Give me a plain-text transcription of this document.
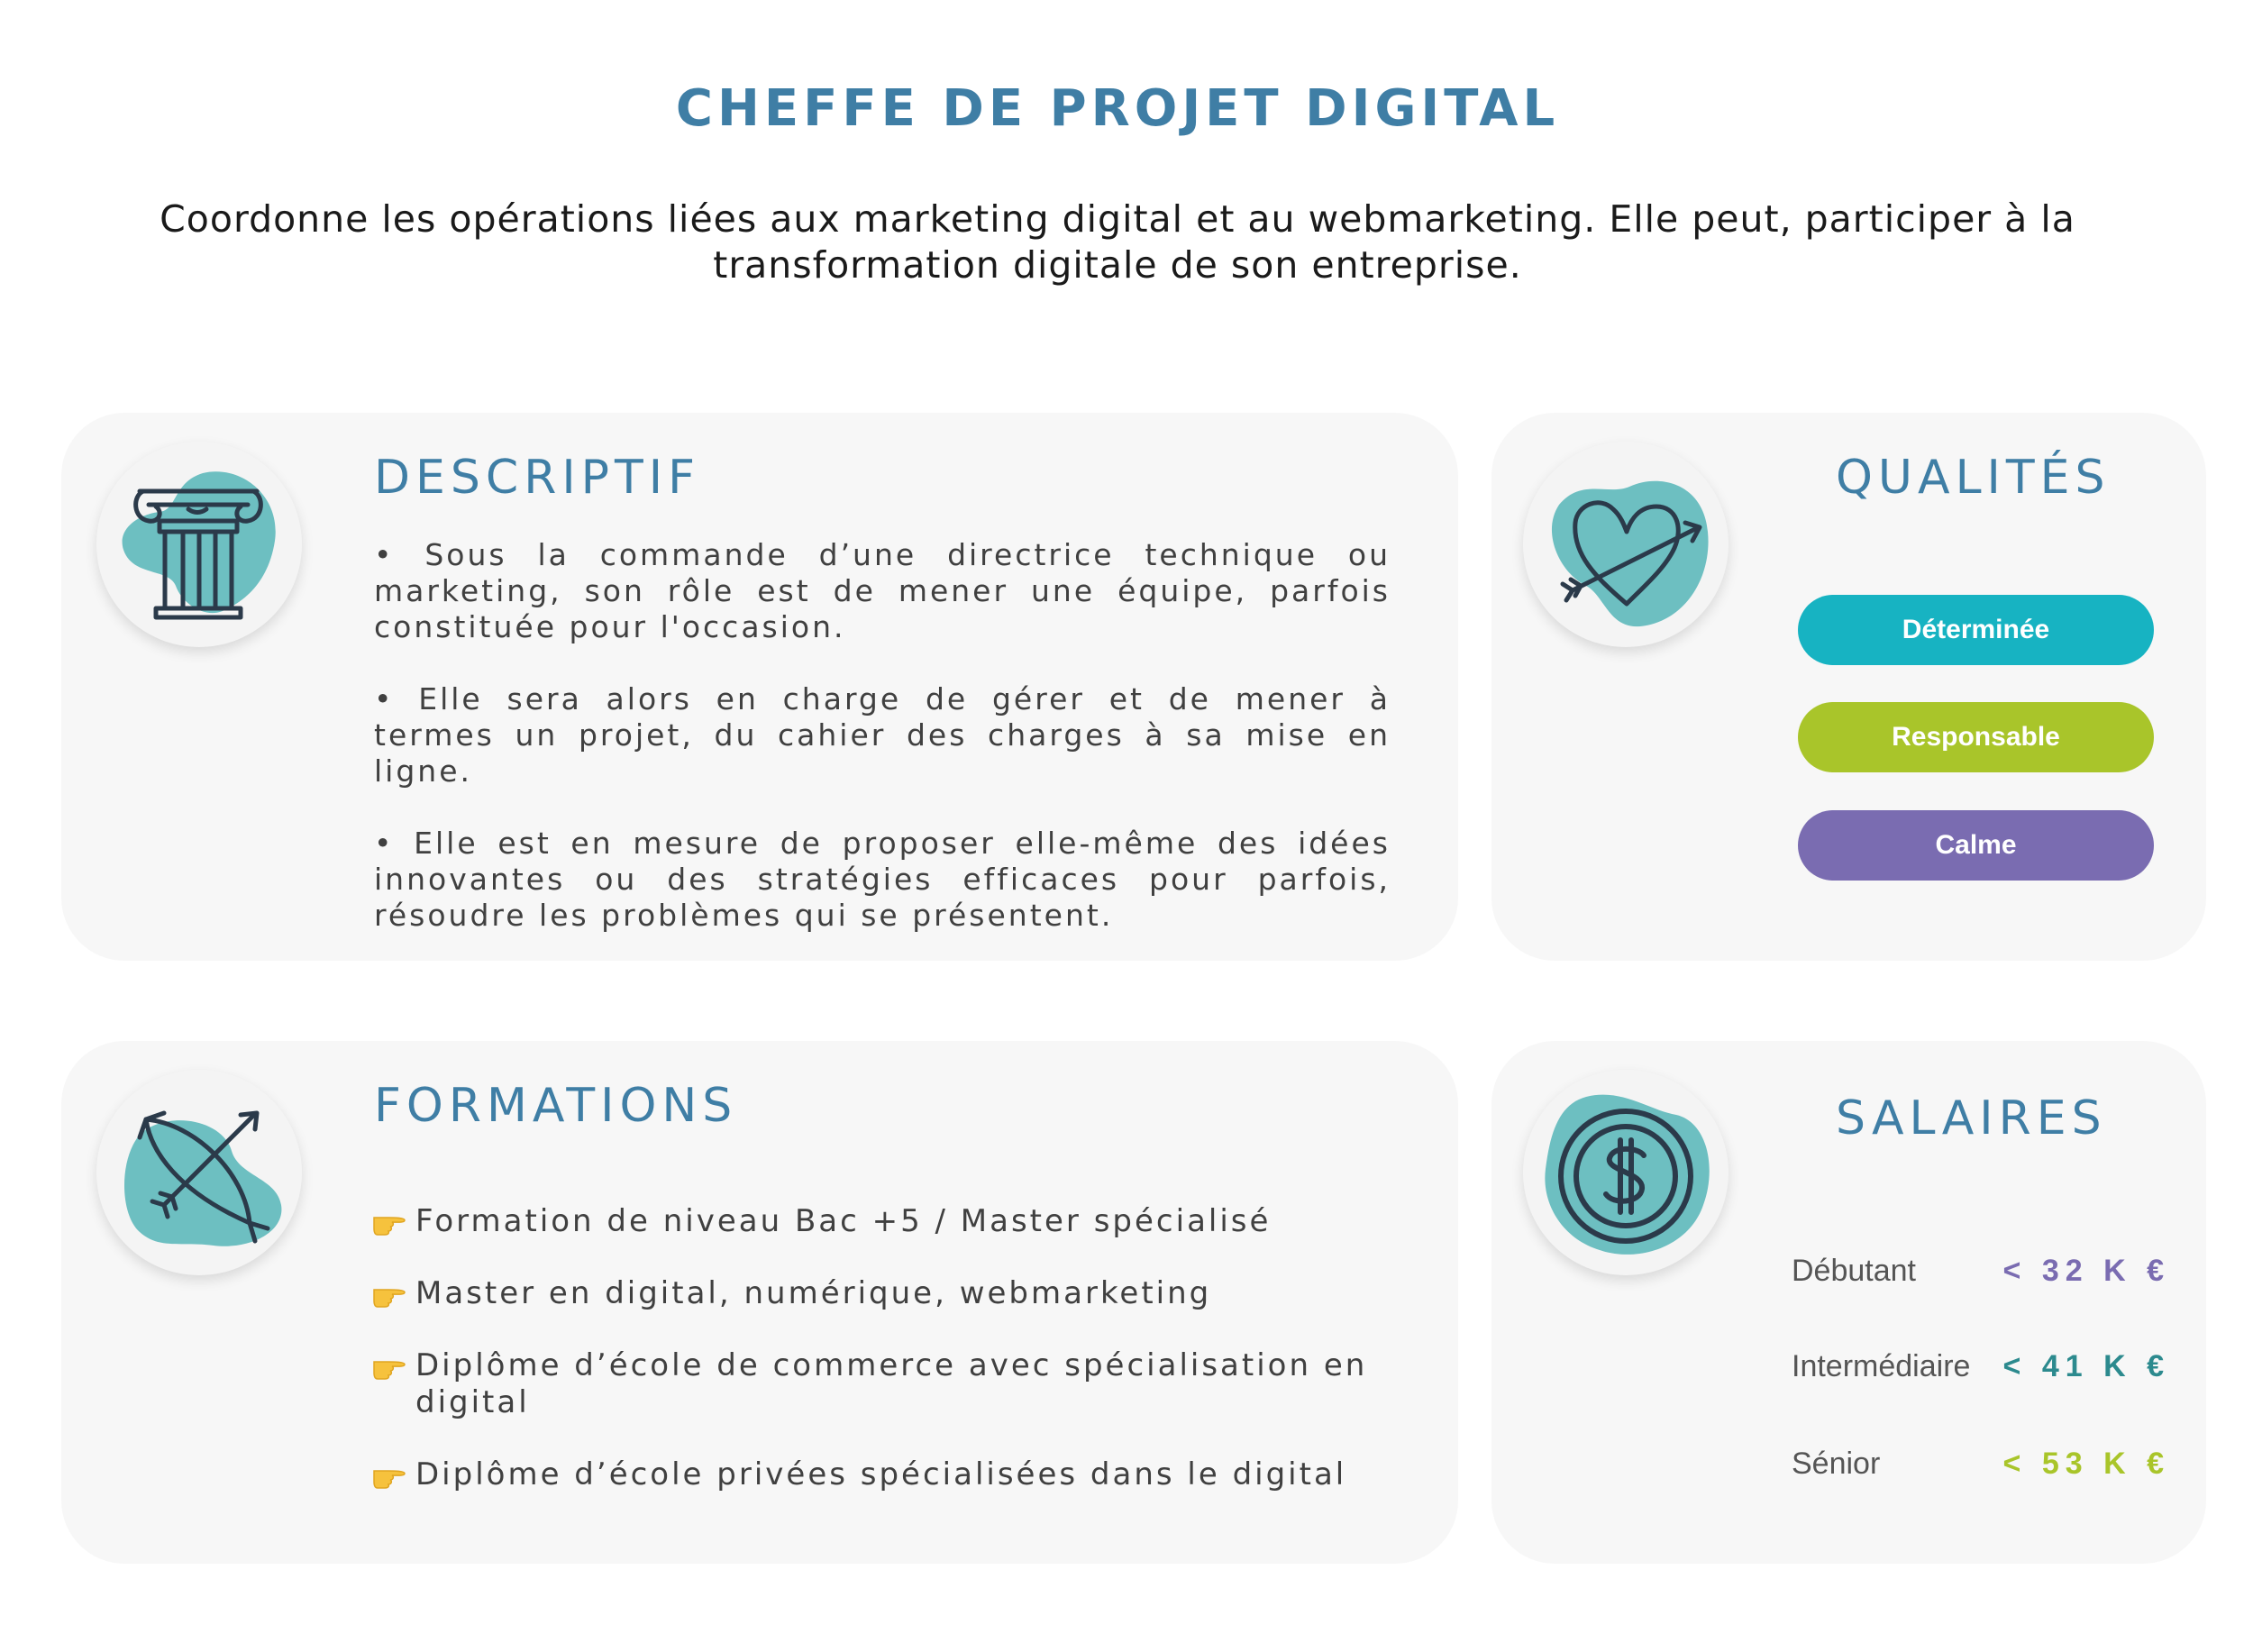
CHEFFE DE PROJET DIGITAL
Coordonne les opérations liées aux marketing digital et au webmarketing. Elle peut, participer à la transformation digitale de son entreprise.
DESCRIPTIF

• Sous la commande d’une directrice technique ou marketing, son rôle est de mener une équipe, parfois constituée pour l'occasion.

• Elle sera alors en charge de gérer et de mener à termes un projet, du cahier des charges à sa mise en ligne.

• Elle est en mesure de proposer elle-même des idées innovantes ou des stratégies efficaces pour parfois, résoudre les problèmes qui se présentent.

QUALITÉS
Déterminée
Responsable
Calme
FORMATIONS
Formation de niveau Bac +5 / Master spécialisé
Master en digital, numérique, webmarketing
Diplôme d’école de commerce avec spécialisation en digital
Diplôme d’école privées spécialisées dans le digital
SALAIRES
Débutant	< 32 K €
Intermédiaire < 41 K €
Sénior	< 53 K €
